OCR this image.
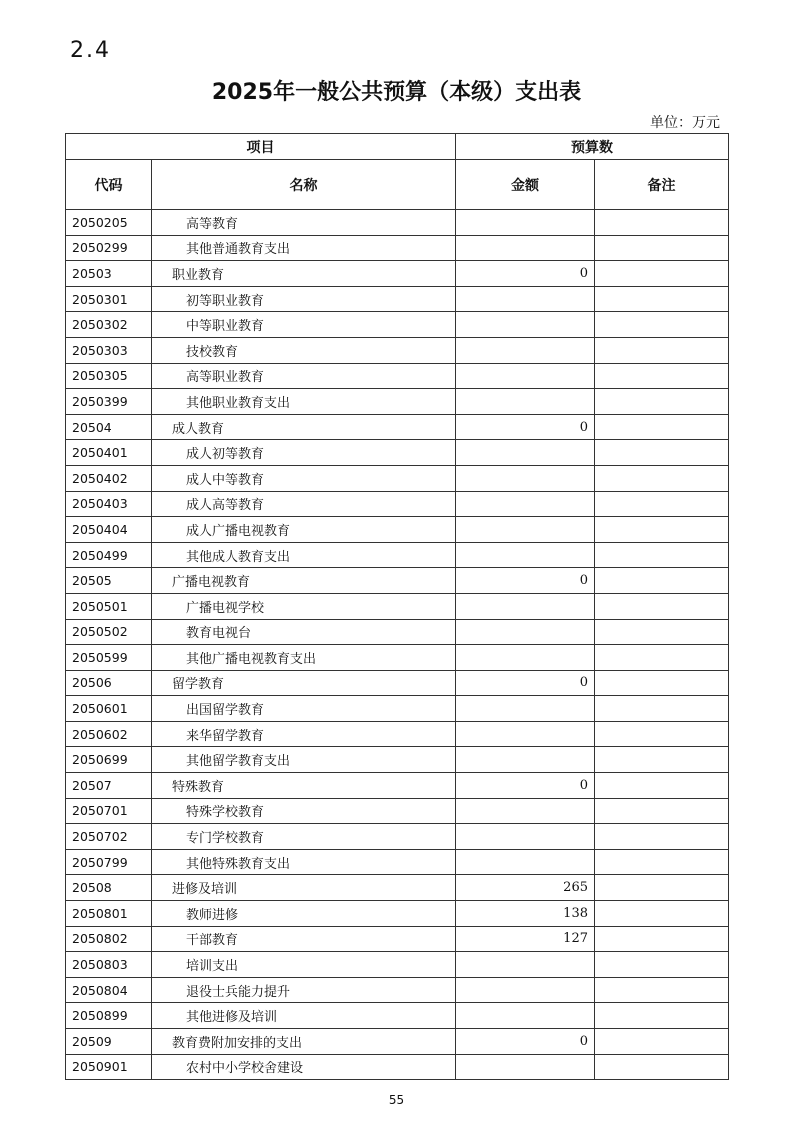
2.4
2025年一般公共预算（本级）支出表
单位：万元
项目		预算数	
代码	名称	金额	备注
2050205	高等教育		
2050299	其他普通教育支出		
20503	职业教育	0	
2050301	初等职业教育		
2050302	中等职业教育		
2050303	技校教育		
2050305	高等职业教育		
2050399	其他职业教育支出		
20504	成人教育	0	
2050401	成人初等教育		
2050402	成人中等教育		
2050403	成人高等教育		
2050404	成人广播电视教育		
2050499	其他成人教育支出		
20505	广播电视教育	0	
2050501	广播电视学校		
2050502	教育电视台		
2050599	其他广播电视教育支出		
20506	留学教育	0	
2050601	出国留学教育		
2050602	来华留学教育		
2050699	其他留学教育支出		
20507	特殊教育	0	
2050701	特殊学校教育		
2050702	专门学校教育		
2050799	其他特殊教育支出		
20508	进修及培训	265	
2050801	教师进修	138	
2050802	干部教育	127	
2050803	培训支出		
2050804	退役士兵能力提升		
2050899	其他进修及培训		
20509	教育费附加安排的支出	0	
2050901	农村中小学校舍建设		
55
